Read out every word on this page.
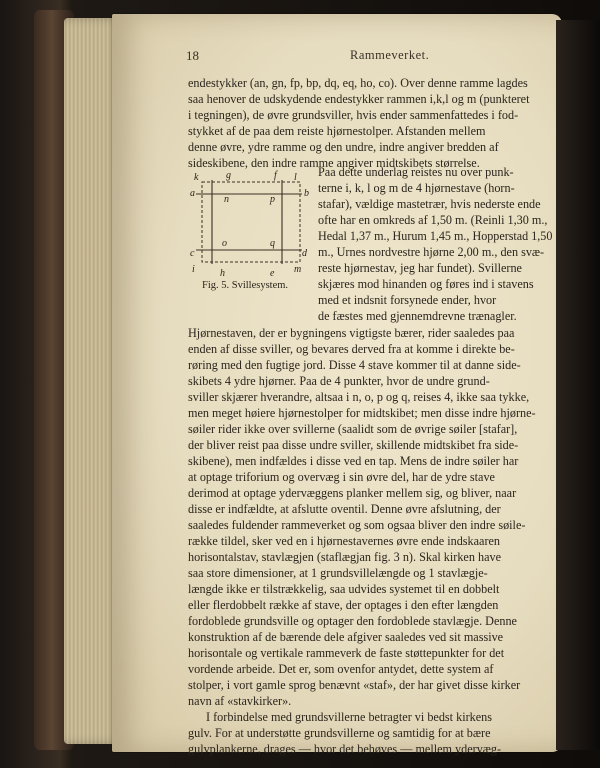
18	Rammeverket.
k	g	f l
a
n	p
b
o	q
c	d
i	h	e m
Fig. 5. Svillesystem.
endestykker (an, gn, fp, bp, dq, eq, ho, co). Over denne ramme lagdes
saa henover de udskydende endestykker rammen i,k,l og m (punkteret
i tegningen), de øvre grundsviller, hvis ender sammenfattedes i fod-
stykket af de paa dem reiste hjørnestolper. Afstanden mellem
denne øvre, ydre ramme og den undre, indre angiver bredden af
sideskibene, den indre ramme angiver midtskibets størrelse.
Paa dette underlag reistes nu over punk-
terne i, k, l og m de 4 hjørnestave (horn-
stafar), vældige mastetrær, hvis nederste ende
ofte har en omkreds af 1,50 m. (Reinli 1,30 m.,
Hedal 1,37 m., Hurum 1,45 m., Hopperstad 1,50
m., Urnes nordvestre hjørne 2,00 m., den svæ-
reste hjørnestav, jeg har fundet). Svillerne
skjæres mod hinanden og føres ind i stavens
med et indsnit forsynede ender, hvor
de fæstes med gjennemdrevne trænagler.
Hjørnestaven, der er bygningens vigtigste bærer, rider saaledes paa
enden af disse sviller, og bevares derved fra at komme i direkte be-
røring med den fugtige jord. Disse 4 stave kommer til at danne side-
skibets 4 ydre hjørner. Paa de 4 punkter, hvor de undre grund-
sviller skjærer hverandre, altsaa i n, o, p og q, reises 4, ikke saa tykke,
men meget høiere hjørnestolper for midtskibet; men disse indre hjørne-
søiler rider ikke over svillerne (saalidt som de øvrige søiler [stafar],
der bliver reist paa disse undre sviller, skillende midtskibet fra side-
skibene), men indfældes i disse ved en tap. Mens de indre søiler har
at optage triforium og overvæg i sin øvre del, har de ydre stave
derimod at optage ydervæggens planker mellem sig, og bliver, naar
disse er indfældte, at afslutte oventil. Denne øvre afslutning, der
saaledes fuldender rammeverket og som ogsaa bliver den indre søile-
række tildel, sker ved en i hjørnestavernes øvre ende indskaaren
horisontalstav, stavlægjen (staflægjan fig. 3 n). Skal kirken have
saa store dimensioner, at 1 grundsvillelængde og 1 stavlægje-
længde ikke er tilstrækkelig, saa udvides systemet til en dobbelt
eller flerdobbelt række af stave, der optages i den efter længden
fordoblede grundsville og optager den fordoblede stavlægje. Denne
konstruktion af de bærende dele afgiver saaledes ved sit massive
horisontale og vertikale rammeverk de faste støttepunkter for det
vordende arbeide. Det er, som ovenfor antydet, dette system af
stolper, i vort gamle sprog benævnt «staf», der har givet disse kirker
navn af «stavkirker».
I forbindelse med grundsvillerne betragter vi bedst kirkens
gulv. For at understøtte grundsvillerne og samtidig for at bære
gulvplankerne, drages — hvor det behøves — mellem ydervæg-
